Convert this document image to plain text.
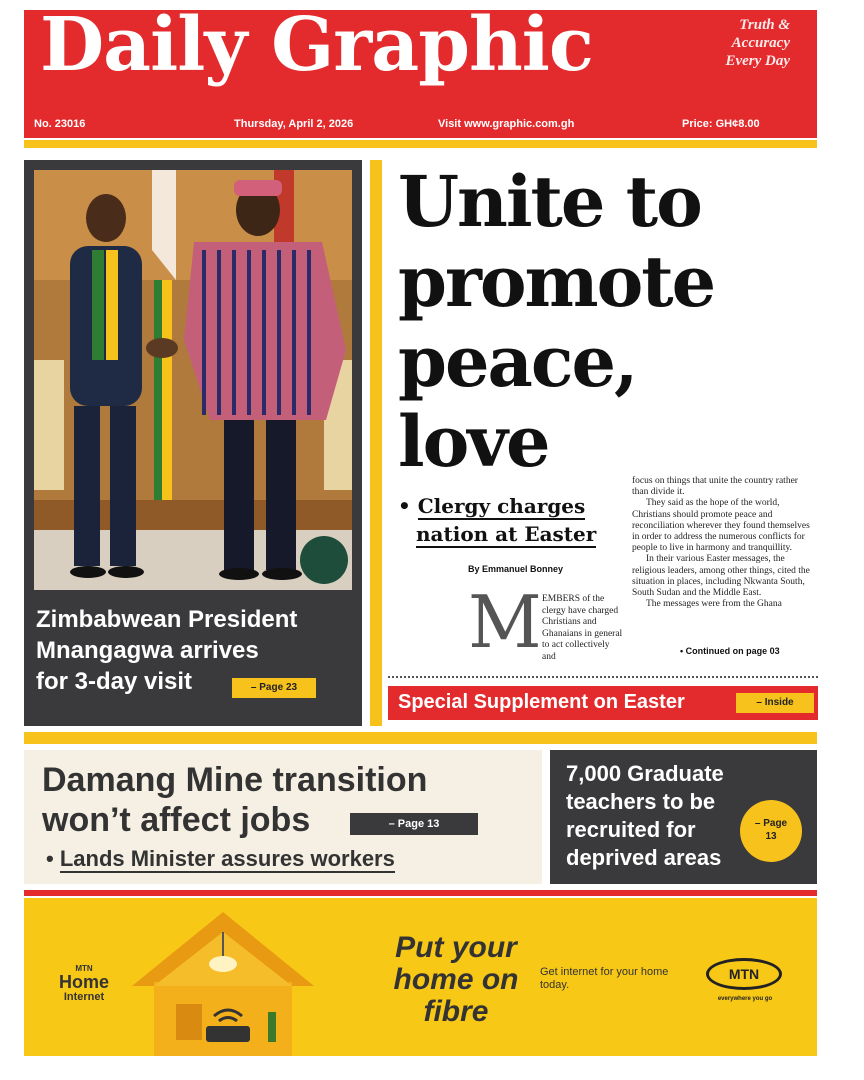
Daily Graphic	Truth &
Accuracy
Every Day
No. 23016	Thursday, April 2, 2026	Visit www.graphic.com.gh	Price: GH¢8.00
Zimbabwean President
Mnangagwa arrives
for 3-day visit	– Page 23
Unite to
promote
peace,
love
• Clergy charges
nation at Easter
By Emmanuel Bonney
M EMBERS of the clergy have charged Christians and Ghanaians in general to act collectively and

focus on things that unite the country rather than divide it.

They said as the hope of the world, Christians should promote peace and reconciliation wherever they found themselves in order to address the numerous conflicts for people to live in harmony and tranquillity.

In their various Easter messages, the religious leaders, among other things, cited the situation in places, including Nkwanta South, South Sudan and the Middle East.

The messages were from the Ghana

• Continued on page 03
Special Supplement on Easter	– Inside
Damang Mine transition
won’t affect jobs	– Page 13
• Lands Minister assures workers
7,000 Graduate
teachers to be
recruited for
deprived areas
– Page
13
MTN
Home
Internet
Put your
home on
fibre
Get internet for your home today.
MTN
everywhere you go
